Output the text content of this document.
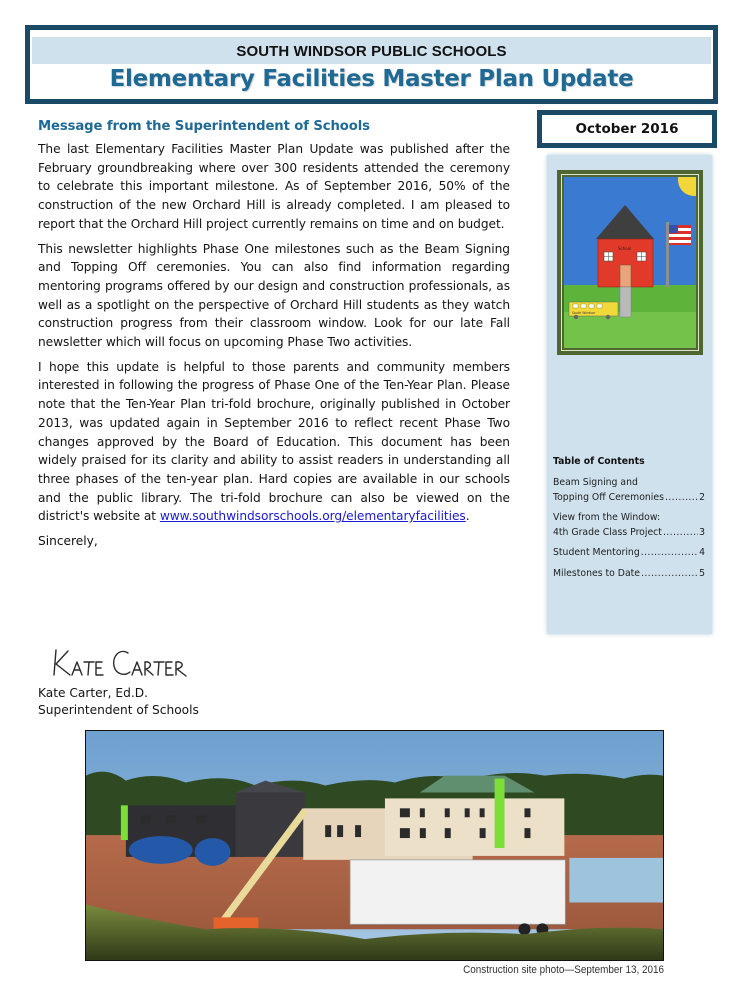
SOUTH WINDSOR PUBLIC SCHOOLS
Elementary Facilities Master Plan Update
October 2016
Message from the Superintendent of Schools

The last Elementary Facilities Master Plan Update was published after the February groundbreaking where over 300 residents attended the ceremony to celebrate this important milestone. As of September 2016, 50% of the construction of the new Orchard Hill is already completed. I am pleased to report that the Orchard Hill project currently remains on time and on budget.

This newsletter highlights Phase One milestones such as the Beam Signing and Topping Off ceremonies. You can also find information regarding mentoring programs offered by our design and construction professionals, as well as a spotlight on the perspective of Orchard Hill students as they watch construction progress from their classroom window. Look for our late Fall newsletter which will focus on upcoming Phase Two activities.

I hope this update is helpful to those parents and community members interested in following the progress of Phase One of the Ten-Year Plan. Please note that the Ten-Year Plan tri-fold brochure, originally published in October 2013, was updated again in September 2016 to reflect recent Phase Two changes approved by the Board of Education. This document has been widely praised for its clarity and ability to assist readers in understanding all three phases of the ten-year plan. Hard copies are available in our schools and the public library. The tri-fold brochure can also be viewed on the district's website at www.southwindsorschools.org/elementaryfacilities.

Sincerely,
Kate Carter, Ed.D.
Superintendent of Schools
School
South Windsor
Table of Contents
Beam Signing and
Topping Off Ceremonies .....	2
View from the Window:
4th Grade Class Project .....	3
Student Mentoring .....	4
Milestones to Date .....	5
Construction site photo—September 13, 2016
